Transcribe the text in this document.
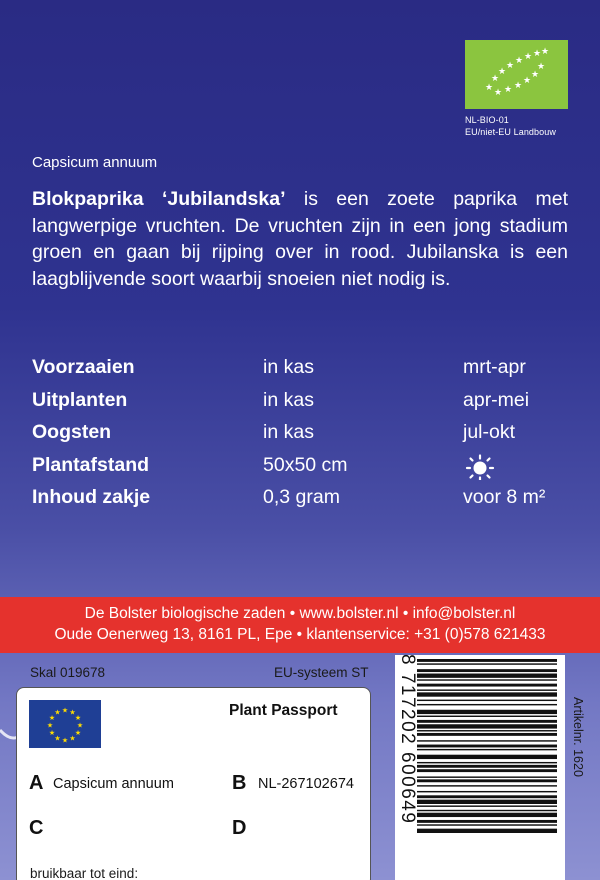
★
★
★
★ ★ ★ ★ ★
★ ★ ★ ★
★
★
NL-BIO-01
EU/niet-EU Landbouw
Capsicum annuum
Blokpaprika ‘Jubilandska’ is een zoete paprika met langwerpige vruchten. De vruchten zijn in een jong stadium groen en gaan bij rijping over in rood. Jubilanska is een laagblijvende soort waarbij snoeien niet nodig is.
Voorzaaien	in kas	mrt-apr
Uitplanten	in kas	apr-mei
Oogsten	in kas	jul-okt
Plantafstand	50x50 cm
Inhoud zakje	0,3 gram	voor 8 m²
De Bolster biologische zaden • www.bolster.nl • info@bolster.nl
Oude Oenerweg 13, 8161 PL, Epe • klantenservice: +31 (0)578 621433
Skal 019678	EU-systeem ST
★ ★
★
★
★
★
★
★
★
★
★
★	Plant Passport
A Capsicum annuum	B NL-267102674
C	D
bruikbaar tot eind:
8 717202 600649	Artikelnr. 1620
